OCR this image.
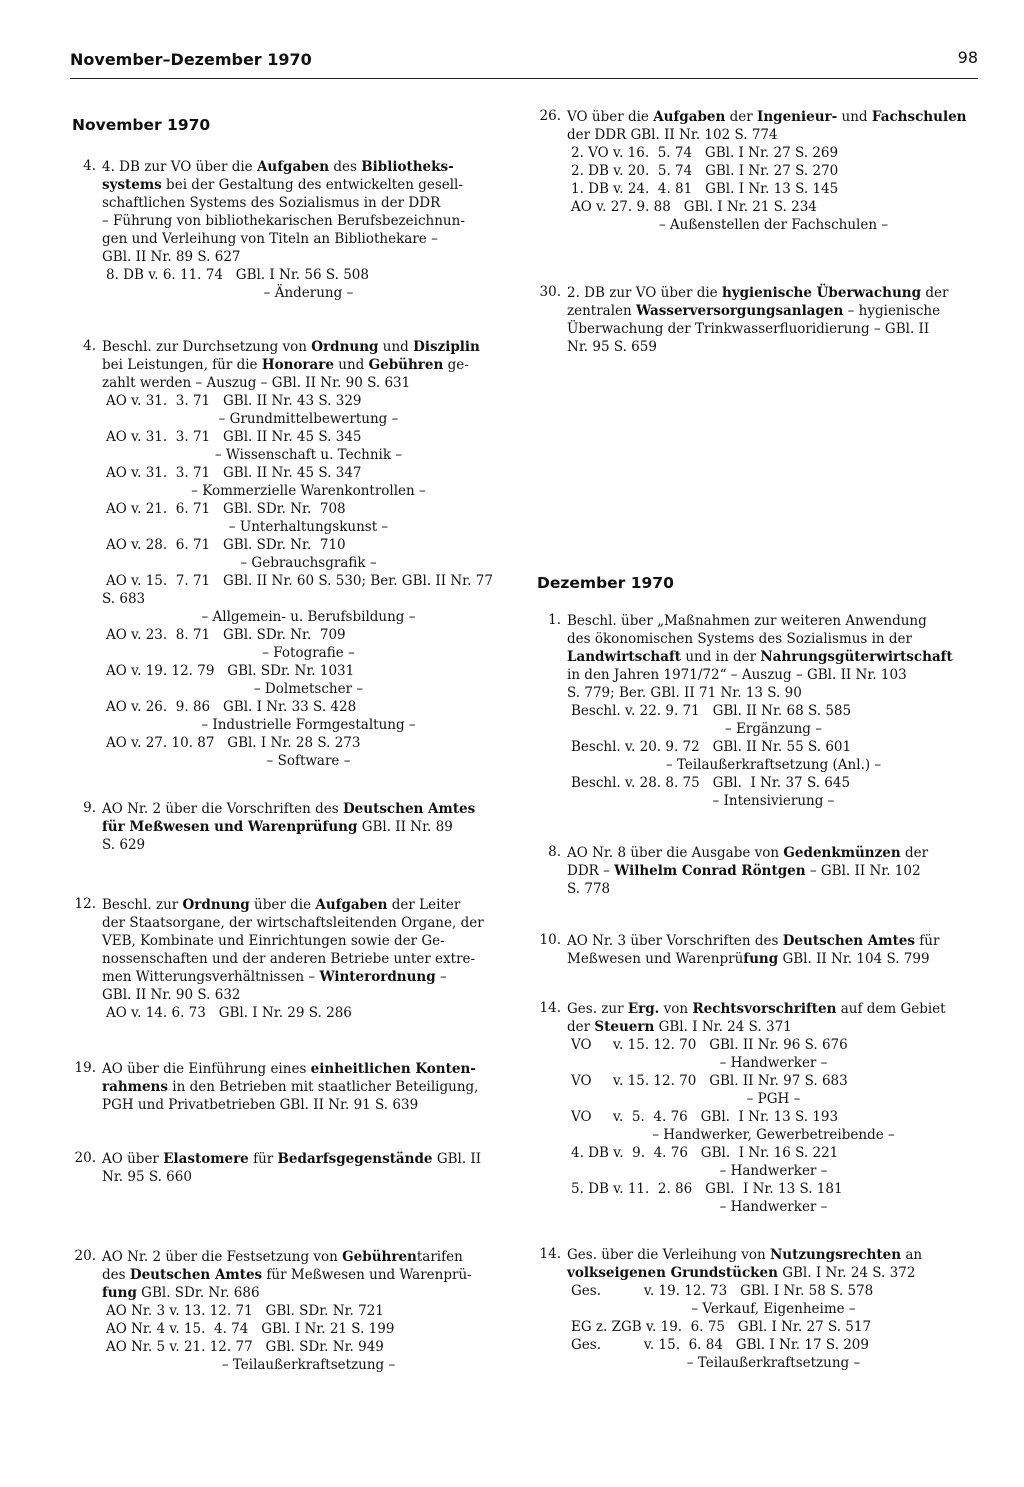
November–Dezember 1970	98
November 1970
4. 4. DB zur VO über die Aufgaben des Bibliotheks-
systems bei der Gestaltung des entwickelten gesell-
schaftlichen Systems des Sozialismus in der DDR
– Führung von bibliothekarischen Berufsbezeichnun-
gen und Verleihung von Titeln an Bibliothekare –
GBl. II Nr. 89 S. 627
8. DB v. 6. 11. 74   GBl. I Nr. 56 S. 508
– Änderung –
4. Beschl. zur Durchsetzung von Ordnung und Disziplin
bei Leistungen, für die Honorare und Gebühren ge-
zahlt werden – Auszug – GBl. II Nr. 90 S. 631
AO v. 31.  3. 71   GBl. II Nr. 43 S. 329
– Grundmittelbewertung –
AO v. 31.  3. 71   GBl. II Nr. 45 S. 345
– Wissenschaft u. Technik –
AO v. 31.  3. 71   GBl. II Nr. 45 S. 347
– Kommerzielle Warenkontrollen –
AO v. 21.  6. 71   GBl. SDr. Nr.  708
– Unterhaltungskunst –
AO v. 28.  6. 71   GBl. SDr. Nr.  710
– Gebrauchsgrafik –
AO v. 15.  7. 71   GBl. II Nr. 60 S. 530; Ber. GBl. II Nr. 77
S. 683
– Allgemein- u. Berufsbildung –
AO v. 23.  8. 71   GBl. SDr. Nr.  709
– Fotografie –
AO v. 19. 12. 79   GBl. SDr. Nr. 1031
– Dolmetscher –
AO v. 26.  9. 86   GBl. I Nr. 33 S. 428
– Industrielle Formgestaltung –
AO v. 27. 10. 87   GBl. I Nr. 28 S. 273
– Software –
9. AO Nr. 2 über die Vorschriften des Deutschen Amtes
für Meßwesen und Warenprüfung GBl. II Nr. 89
S. 629
12. Beschl. zur Ordnung über die Aufgaben der Leiter
der Staatsorgane, der wirtschaftsleitenden Organe, der
VEB, Kombinate und Einrichtungen sowie der Ge-
nossenschaften und der anderen Betriebe unter extre-
men Witterungsverhältnissen – Winterordnung –
GBl. II Nr. 90 S. 632
AO v. 14. 6. 73   GBl. I Nr. 29 S. 286
19. AO über die Einführung eines einheitlichen Konten-
rahmens in den Betrieben mit staatlicher Beteiligung,
PGH und Privatbetrieben GBl. II Nr. 91 S. 639
20. AO über Elastomere für Bedarfsgegenstände GBl. II
Nr. 95 S. 660
20. AO Nr. 2 über die Festsetzung von Gebührentarifen
des Deutschen Amtes für Meßwesen und Warenprü-
fung GBl. SDr. Nr. 686
AO Nr. 3 v. 13. 12. 71   GBl. SDr. Nr. 721
AO Nr. 4 v. 15.  4. 74   GBl. I Nr. 21 S. 199
AO Nr. 5 v. 21. 12. 77   GBl. SDr. Nr. 949
– Teilaußerkraftsetzung –
26. VO über die Aufgaben der Ingenieur- und Fachschulen
der DDR GBl. II Nr. 102 S. 774
2. VO v. 16.  5. 74   GBl. I Nr. 27 S. 269
2. DB v. 20.  5. 74   GBl. I Nr. 27 S. 270
1. DB v. 24.  4. 81   GBl. I Nr. 13 S. 145
AO v. 27. 9. 88   GBl. I Nr. 21 S. 234
– Außenstellen der Fachschulen –
30. 2. DB zur VO über die hygienische Überwachung der
zentralen Wasserversorgungsanlagen – hygienische
Überwachung der Trinkwasserfluoridierung – GBl. II
Nr. 95 S. 659
Dezember 1970
1. Beschl. über „Maßnahmen zur weiteren Anwendung
des ökonomischen Systems des Sozialismus in der
Landwirtschaft und in der Nahrungsgüterwirtschaft
in den Jahren 1971/72“ – Auszug – GBl. II Nr. 103
S. 779; Ber. GBl. II 71 Nr. 13 S. 90
Beschl. v. 22. 9. 71   GBl. II Nr. 68 S. 585
– Ergänzung –
Beschl. v. 20. 9. 72   GBl. II Nr. 55 S. 601
– Teilaußerkraftsetzung (Anl.) –
Beschl. v. 28. 8. 75   GBl.  I Nr. 37 S. 645
– Intensivierung –
8. AO Nr. 8 über die Ausgabe von Gedenkmünzen der
DDR – Wilhelm Conrad Röntgen – GBl. II Nr. 102
S. 778
10. AO Nr. 3 über Vorschriften des Deutschen Amtes für
Meßwesen und Warenprüfung GBl. II Nr. 104 S. 799
14. Ges. zur Erg. von Rechtsvorschriften auf dem Gebiet
der Steuern GBl. I Nr. 24 S. 371
VO     v. 15. 12. 70   GBl. II Nr. 96 S. 676
– Handwerker –
VO     v. 15. 12. 70   GBl. II Nr. 97 S. 683
– PGH –
VO     v.  5.  4. 76   GBl.  I Nr. 13 S. 193
– Handwerker, Gewerbetreibende –
4. DB v.  9.  4. 76   GBl.  I Nr. 16 S. 221
– Handwerker –
5. DB v. 11.  2. 86   GBl.  I Nr. 13 S. 181
– Handwerker –
14. Ges. über die Verleihung von Nutzungsrechten an
volkseigenen Grundstücken GBl. I Nr. 24 S. 372
Ges.          v. 19. 12. 73   GBl. I Nr. 58 S. 578
– Verkauf, Eigenheime –
EG z. ZGB v. 19.  6. 75   GBl. I Nr. 27 S. 517
Ges.          v. 15.  6. 84   GBl. I Nr. 17 S. 209
– Teilaußerkraftsetzung –
